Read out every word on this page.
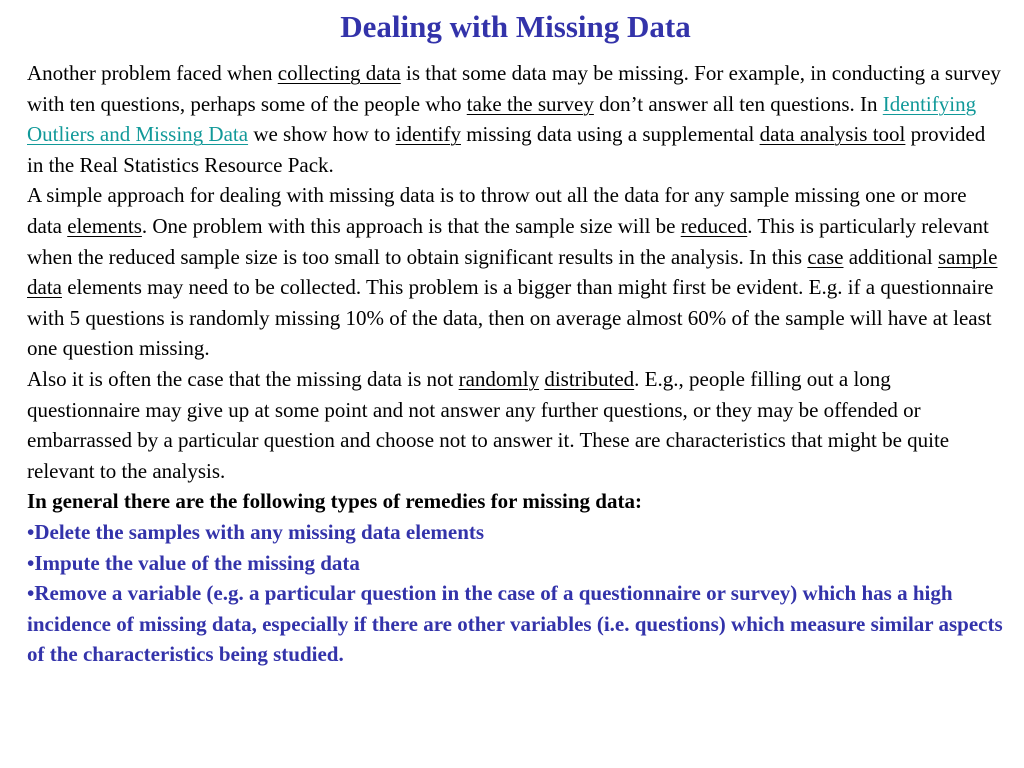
Dealing with Missing Data

Another problem faced when collecting data is that some data may be missing. For example, in conducting a survey with ten questions, perhaps some of the people who take the survey don’t answer all ten questions. In Identifying Outliers and Missing Data we show how to identify missing data using a supplemental data analysis tool provided in the Real Statistics Resource Pack.

A simple approach for dealing with missing data is to throw out all the data for any sample missing one or more data elements. One problem with this approach is that the sample size will be reduced. This is particularly relevant when the reduced sample size is too small to obtain significant results in the analysis. In this case additional sample data elements may need to be collected. This problem is a bigger than might first be evident. E.g. if a questionnaire with 5 questions is randomly missing 10% of the data, then on average almost 60% of the sample will have at least one question missing.

Also it is often the case that the missing data is not randomly distributed. E.g., people filling out a long questionnaire may give up at some point and not answer any further questions, or they may be offended or embarrassed by a particular question and choose not to answer it. These are characteristics that might be quite relevant to the analysis.

In general there are the following types of remedies for missing data:

•Delete the samples with any missing data elements

•Impute the value of the missing data

•Remove a variable (e.g. a particular question in the case of a questionnaire or survey) which has a high incidence of missing data, especially if there are other variables (i.e. questions) which measure similar aspects of the characteristics being studied.
